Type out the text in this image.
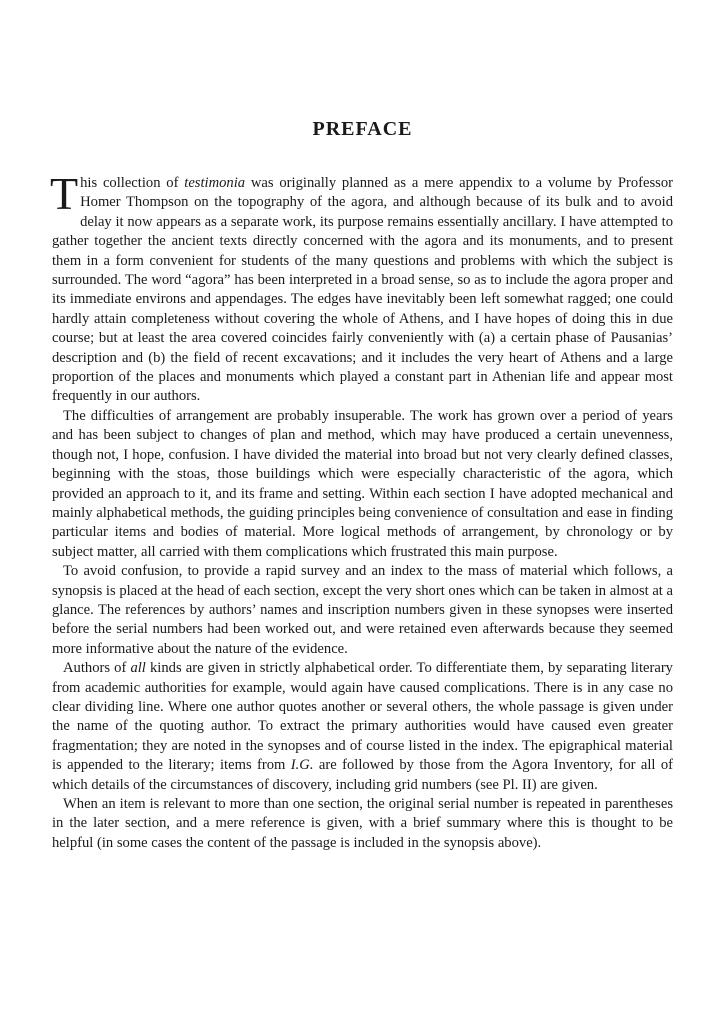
PREFACE

This collection of testimonia was originally planned as a mere appendix to a volume by Professor Homer Thompson on the topography of the agora, and although because of its bulk and to avoid delay it now appears as a separate work, its purpose remains essentially ancillary. I have attempted to gather together the ancient texts directly concerned with the agora and its monuments, and to present them in a form convenient for students of the many questions and problems with which the subject is surrounded. The word “agora” has been interpreted in a broad sense, so as to include the agora proper and its immediate environs and appendages. The edges have inevitably been left somewhat ragged; one could hardly attain completeness without covering the whole of Athens, and I have hopes of doing this in due course; but at least the area covered coincides fairly conveniently with (a) a certain phase of Pausanias’ description and (b) the field of recent excavations; and it includes the very heart of Athens and a large proportion of the places and monuments which played a constant part in Athenian life and appear most frequently in our authors.

The difficulties of arrangement are probably insuperable. The work has grown over a period of years and has been subject to changes of plan and method, which may have produced a certain unevenness, though not, I hope, confusion. I have divided the material into broad but not very clearly defined classes, beginning with the stoas, those buildings which were especially characteristic of the agora, which provided an approach to it, and its frame and setting. Within each section I have adopted mechanical and mainly alphabetical methods, the guiding principles being convenience of consultation and ease in finding particular items and bodies of material. More logical methods of arrangement, by chronology or by subject matter, all carried with them complications which frustrated this main purpose.

To avoid confusion, to provide a rapid survey and an index to the mass of material which follows, a synopsis is placed at the head of each section, except the very short ones which can be taken in almost at a glance. The references by authors’ names and inscription numbers given in these synopses were inserted before the serial numbers had been worked out, and were retained even afterwards because they seemed more informative about the nature of the evidence.

Authors of all kinds are given in strictly alphabetical order. To differentiate them, by separating literary from academic authorities for example, would again have caused complications. There is in any case no clear dividing line. Where one author quotes another or several others, the whole passage is given under the name of the quoting author. To extract the primary authorities would have caused even greater fragmentation; they are noted in the synopses and of course listed in the index. The epigraphical material is appended to the literary; items from I.G. are followed by those from the Agora Inventory, for all of which details of the circumstances of discovery, including grid numbers (see Pl. II) are given.

When an item is relevant to more than one section, the original serial number is repeated in parentheses in the later section, and a mere reference is given, with a brief summary where this is thought to be helpful (in some cases the content of the passage is included in the synopsis above).
